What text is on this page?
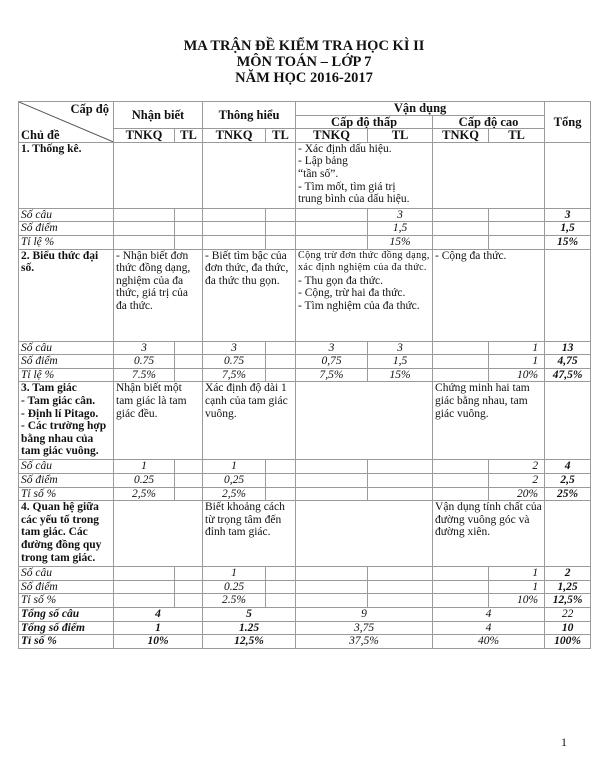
MA TRẬN ĐỀ KIỂM TRA HỌC KÌ II
MÔN TOÁN – LỚP 7
NĂM HỌC 2016-2017
Cấp độ
Chủ đề	Nhận biết		Thông hiểu		Vận dụng				Tổng
					Cấp độ thấp		Cấp độ cao		
	TNKQ	TL	TNKQ	TL	TNKQ	TL	TNKQ	TL	
1. Thống kê.					- Xác định dấu hiệu.
- Lập bảng
“tần số”.
- Tìm mốt, tìm giá trị
trung bình của dấu hiệu.				

Số câu						3			3
Số điểm						1,5			1,5
Tỉ lệ %						15%			15%
2. Biểu thức đại số.	- Nhận biết đơn thức đồng dạng, nghiệm của đa thức, giá trị của đa thức.		- Biết tìm bậc của đơn thức, đa thức, đa thức thu gọn.		Cộng trừ đơn thức đồng dạng, xác định nghiệm của đa thức.
- Thu gọn đa thức.
- Cộng, trừ hai đa thức.
- Tìm nghiệm của đa thức.		- Cộng đa thức.		
Số câu	3		3		3	3		1	13
Số điểm	0.75		0.75		0,75	1,5		1	4,75
Tỉ lệ %	7.5%		7,5%		7,5%	15%		10%	47,5%

3. Tam giác
- Tam giác cân.
- Định lí Pitago.
- Các trường hợp bằng nhau của tam giác vuông.	Nhận biết một tam giác là tam giác đều.		Xác định độ dài 1 cạnh của tam giác vuông.				Chứng minh hai tam giác bằng nhau, tam giác vuông.		
Số câu	1		1					2	4
Số điểm	0.25		0,25					2	2,5
Tỉ số %	2,5%		2,5%					20%	25%
4. Quan hệ giữa các yếu tố trong tam giác. Các đường đồng quy trong tam giác.			Biết khoảng cách từ trọng tâm đến đỉnh tam giác.				Vận dụng tính chất của đường vuông góc và đường xiên.		
Số câu			1					1	2
Số điểm			0.25					1	1,25
Tỉ số %			2.5%					10%	12,5%
Tổng số câu	4		5		9		4		22
Tổng số điểm	1		1.25		3,75		4		10
Tỉ số %	10%		12,5%		37,5%		40%		100%
1
